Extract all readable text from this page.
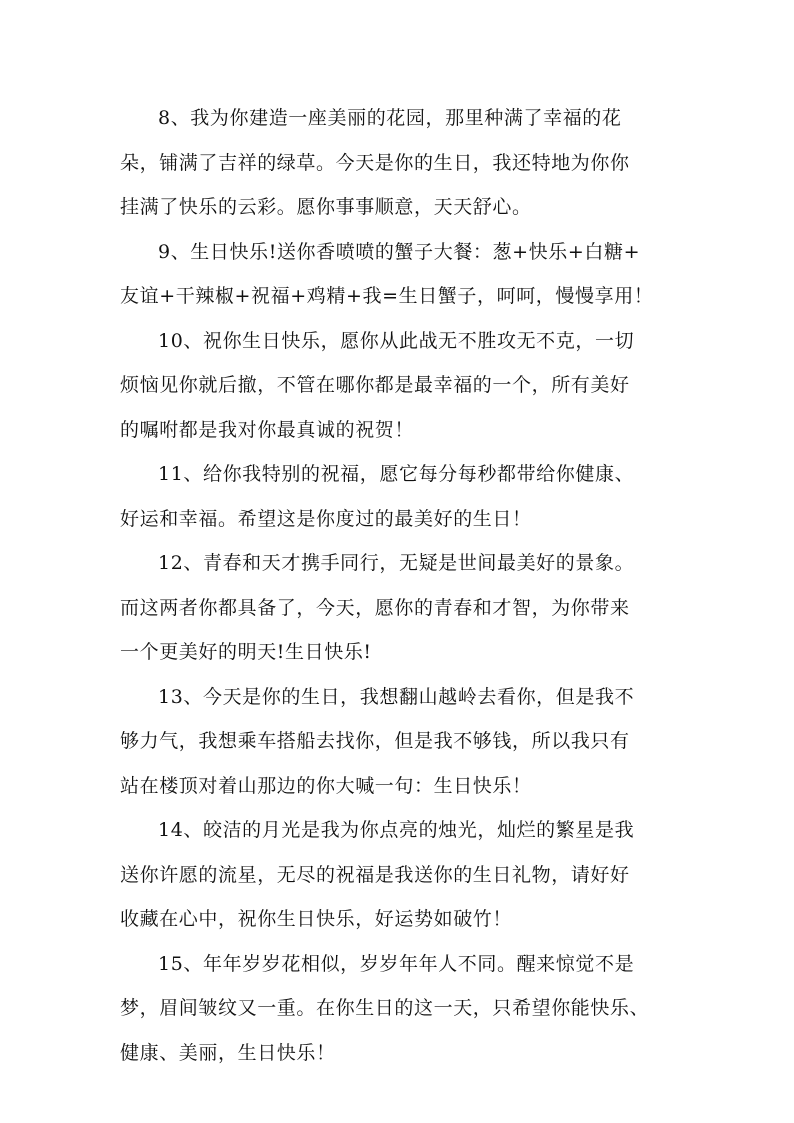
8、我为你建造一座美丽的花园，那里种满了幸福的花
朵，铺满了吉祥的绿草。今天是你的生日，我还特地为你你
挂满了快乐的云彩。愿你事事顺意，天天舒心。
9、生日快乐!送你香喷喷的蟹子大餐：葱+快乐+白糖+
友谊+干辣椒+祝福+鸡精+我=生日蟹子，呵呵，慢慢享用！
10、祝你生日快乐，愿你从此战无不胜攻无不克，一切
烦恼见你就后撤，不管在哪你都是最幸福的一个，所有美好
的嘱咐都是我对你最真诚的祝贺！
11、给你我特别的祝福，愿它每分每秒都带给你健康、
好运和幸福。希望这是你度过的最美好的生日！
12、青春和天才携手同行，无疑是世间最美好的景象。
而这两者你都具备了，今天，愿你的青春和才智，为你带来
一个更美好的明天!生日快乐!
13、今天是你的生日，我想翻山越岭去看你，但是我不
够力气，我想乘车搭船去找你，但是我不够钱，所以我只有
站在楼顶对着山那边的你大喊一句：生日快乐！
14、皎洁的月光是我为你点亮的烛光，灿烂的繁星是我
送你许愿的流星，无尽的祝福是我送你的生日礼物，请好好
收藏在心中，祝你生日快乐，好运势如破竹！
15、年年岁岁花相似，岁岁年年人不同。醒来惊觉不是
梦，眉间皱纹又一重。在你生日的这一天，只希望你能快乐、
健康、美丽，生日快乐！
